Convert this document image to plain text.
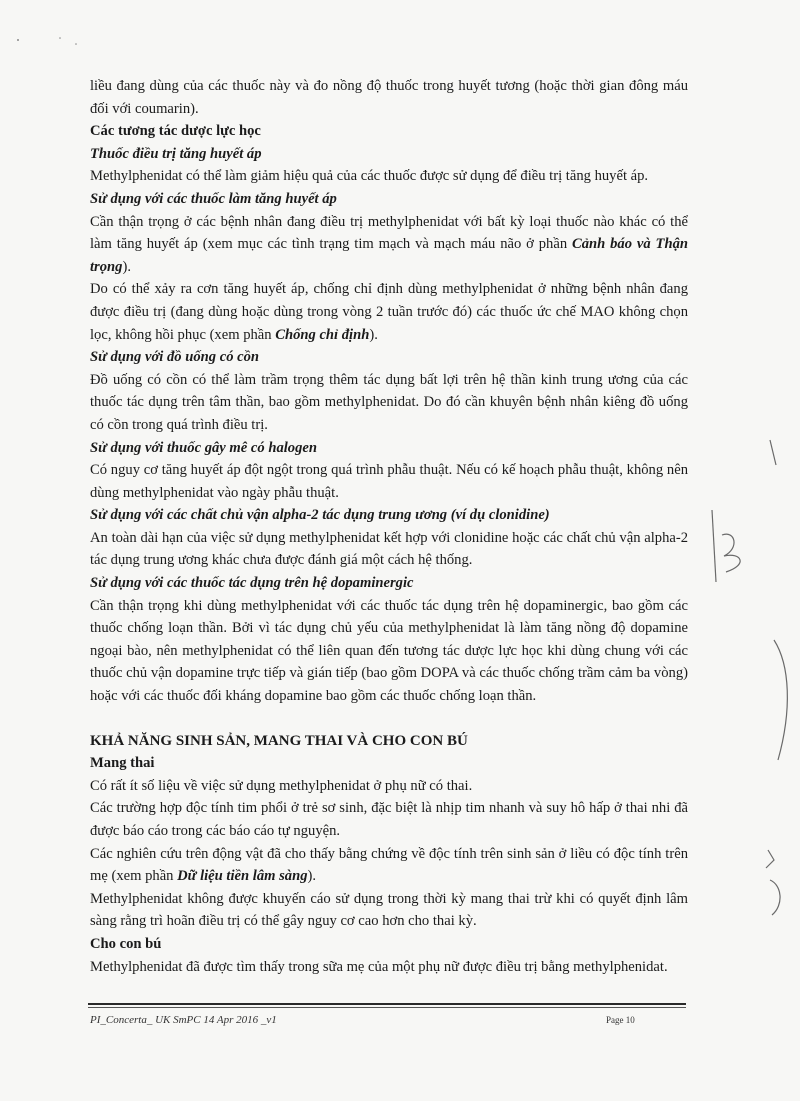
liều đang dùng của các thuốc này và đo nồng độ thuốc trong huyết tương (hoặc thời gian đông máu đối với coumarin).

Các tương tác dược lực học

Thuốc điều trị tăng huyết áp

Methylphenidat có thể làm giảm hiệu quả của các thuốc được sử dụng để điều trị tăng huyết áp.

Sử dụng với các thuốc làm tăng huyết áp

Cần thận trọng ở các bệnh nhân đang điều trị methylphenidat với bất kỳ loại thuốc nào khác có thể làm tăng huyết áp (xem mục các tình trạng tim mạch và mạch máu não ở phần Cảnh báo và Thận trọng).

Do có thể xảy ra cơn tăng huyết áp, chống chỉ định dùng methylphenidat ở những bệnh nhân đang được điều trị (đang dùng hoặc dùng trong vòng 2 tuần trước đó) các thuốc ức chế MAO không chọn lọc, không hồi phục (xem phần Chống chỉ định).

Sử dụng với đồ uống có cồn

Đồ uống có cồn có thể làm trầm trọng thêm tác dụng bất lợi trên hệ thần kinh trung ương của các thuốc tác dụng trên tâm thần, bao gồm methylphenidat. Do đó cần khuyên bệnh nhân kiêng đồ uống có cồn trong quá trình điều trị.

Sử dụng với thuốc gây mê có halogen

Có nguy cơ tăng huyết áp đột ngột trong quá trình phẫu thuật. Nếu có kế hoạch phẫu thuật, không nên dùng methylphenidat vào ngày phẫu thuật.

Sử dụng với các chất chủ vận alpha-2 tác dụng trung ương (ví dụ clonidine)

An toàn dài hạn của việc sử dụng methylphenidat kết hợp với clonidine hoặc các chất chủ vận alpha-2 tác dụng trung ương khác chưa được đánh giá một cách hệ thống.

Sử dụng với các thuốc tác dụng trên hệ dopaminergic

Cần thận trọng khi dùng methylphenidat với các thuốc tác dụng trên hệ dopaminergic, bao gồm các thuốc chống loạn thần. Bởi vì tác dụng chủ yếu của methylphenidat là làm tăng nồng độ dopamine ngoại bào, nên methylphenidat có thể liên quan đến tương tác dược lực học khi dùng chung với các thuốc chủ vận dopamine trực tiếp và gián tiếp (bao gồm DOPA và các thuốc chống trầm cảm ba vòng) hoặc với các thuốc đối kháng dopamine bao gồm các thuốc chống loạn thần.

KHẢ NĂNG SINH SẢN, MANG THAI VÀ CHO CON BÚ

Mang thai

Có rất ít số liệu về việc sử dụng methylphenidat ở phụ nữ có thai.

Các trường hợp độc tính tim phổi ở trẻ sơ sinh, đặc biệt là nhịp tim nhanh và suy hô hấp ở thai nhi đã được báo cáo trong các báo cáo tự nguyện.

Các nghiên cứu trên động vật đã cho thấy bằng chứng về độc tính trên sinh sản ở liều có độc tính trên mẹ (xem phần Dữ liệu tiền lâm sàng).

Methylphenidat không được khuyến cáo sử dụng trong thời kỳ mang thai trừ khi có quyết định lâm sàng rằng trì hoãn điều trị có thể gây nguy cơ cao hơn cho thai kỳ.

Cho con bú

Methylphenidat đã được tìm thấy trong sữa mẹ của một phụ nữ được điều trị bằng methylphenidat.

PI_Concerta_ UK SmPC 14 Apr 2016 _v1	Page 10
